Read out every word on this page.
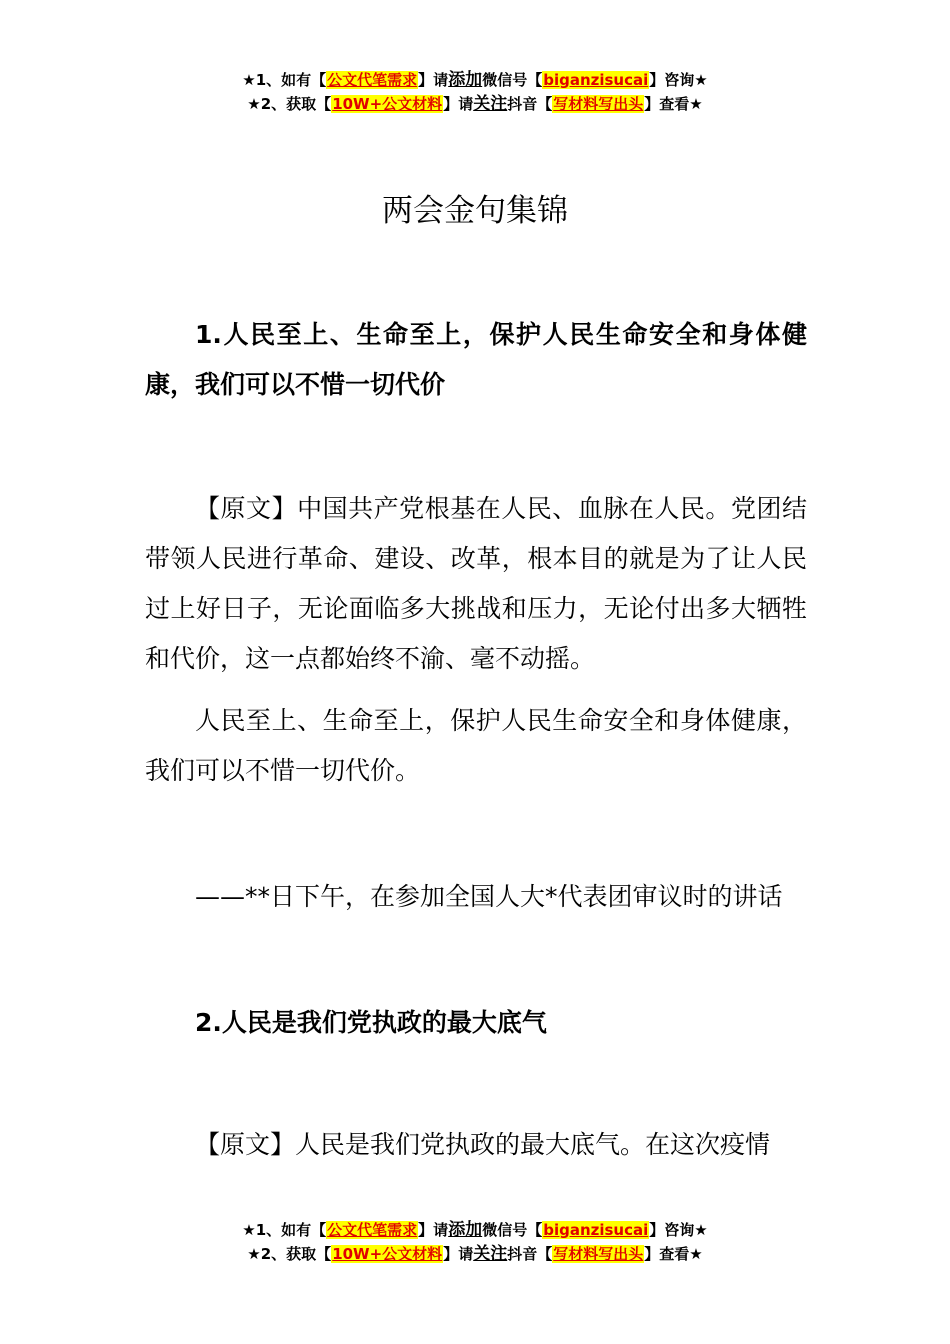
★1、如有【公文代笔需求】请添加微信号【biganzisucai】咨询★
★2、获取【10W+公文材料】请关注抖音【写材料写出头】查看★
两会金句集锦

1.人民至上、生命至上，保护人民生命安全和身体健康，我们可以不惜一切代价

【原文】中国共产党根基在人民、血脉在人民。党团结带领人民进行革命、建设、改革，根本目的就是为了让人民过上好日子，无论面临多大挑战和压力，无论付出多大牺牲和代价，这一点都始终不渝、毫不动摇。

人民至上、生命至上，保护人民生命安全和身体健康，我们可以不惜一切代价。

——**日下午，在参加全国人大*代表团审议时的讲话

2.人民是我们党执政的最大底气

【原文】人民是我们党执政的最大底气。在这次疫情

★1、如有【公文代笔需求】请添加微信号【biganzisucai】咨询★
★2、获取【10W+公文材料】请关注抖音【写材料写出头】查看★
